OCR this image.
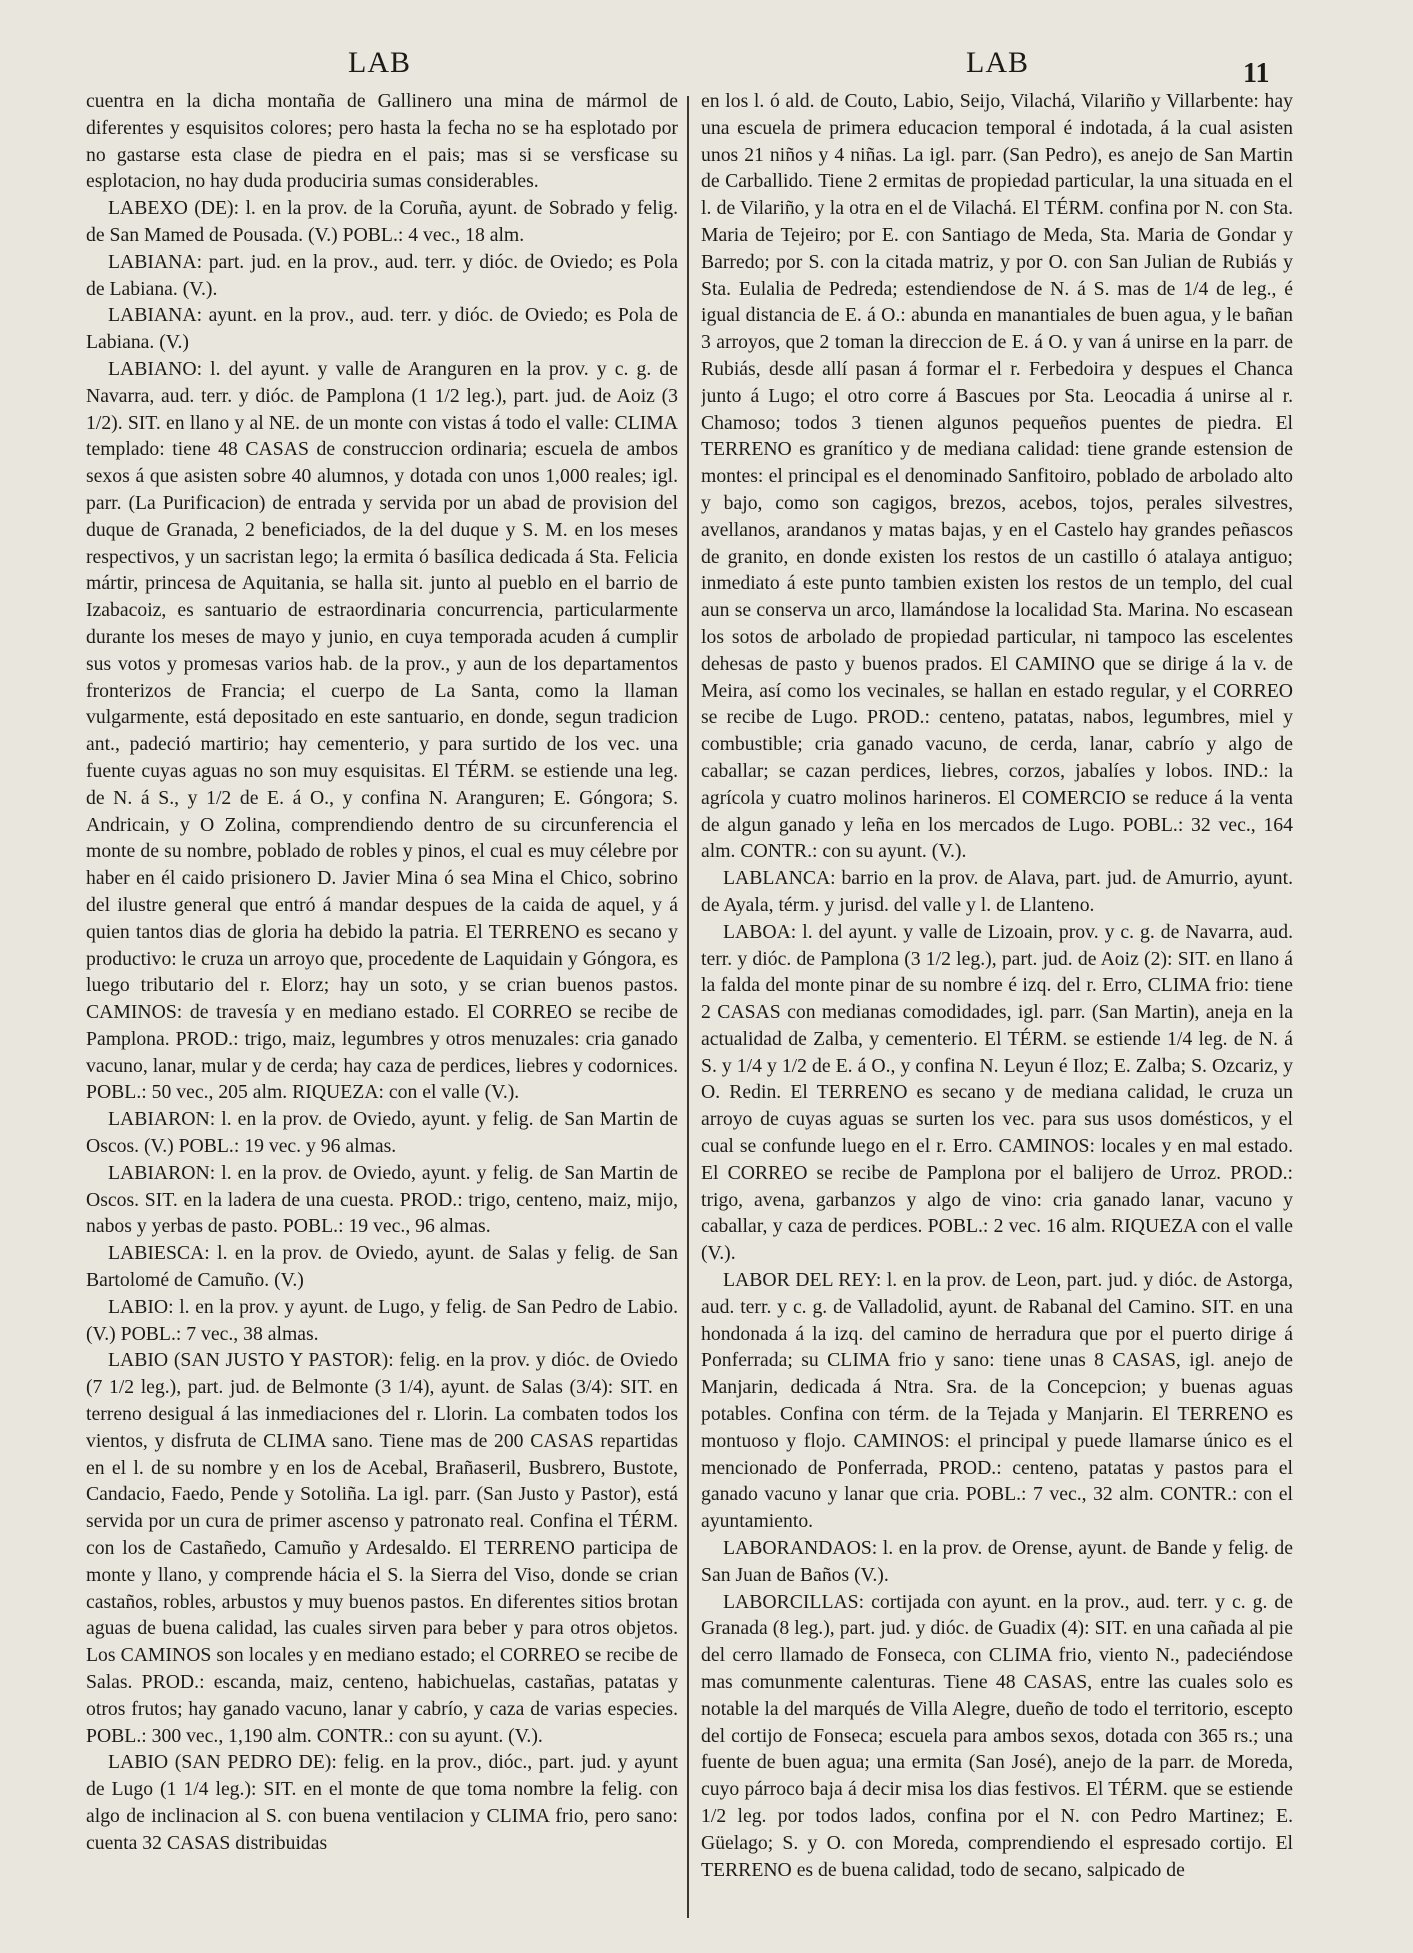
LAB	LAB	11

cuentra en la dicha montaña de Gallinero una mina de mármol de diferentes y esquisitos colores; pero hasta la fecha no se ha esplotado por no gastarse esta clase de piedra en el pais; mas si se versficase su esplotacion, no hay duda produciria sumas considerables.

LABEXO (DE): l. en la prov. de la Coruña, ayunt. de Sobrado y felig. de San Mamed de Pousada. (V.) POBL.: 4 vec., 18 alm.

LABIANA: part. jud. en la prov., aud. terr. y dióc. de Oviedo; es Pola de Labiana. (V.).

LABIANA: ayunt. en la prov., aud. terr. y dióc. de Oviedo; es Pola de Labiana. (V.)

LABIANO: l. del ayunt. y valle de Aranguren en la prov. y c. g. de Navarra, aud. terr. y dióc. de Pamplona (1 1/2 leg.), part. jud. de Aoiz (3 1/2). SIT. en llano y al NE. de un monte con vistas á todo el valle: CLIMA templado: tiene 48 CASAS de construccion ordinaria; escuela de ambos sexos á que asisten sobre 40 alumnos, y dotada con unos 1,000 reales; igl. parr. (La Purificacion) de entrada y servida por un abad de provision del duque de Granada, 2 beneficiados, de la del duque y S. M. en los meses respectivos, y un sacristan lego; la ermita ó basílica dedicada á Sta. Felicia mártir, princesa de Aquitania, se halla sit. junto al pueblo en el barrio de Izabacoiz, es santuario de estraordinaria concurrencia, particularmente durante los meses de mayo y junio, en cuya temporada acuden á cumplir sus votos y promesas varios hab. de la prov., y aun de los departamentos fronterizos de Francia; el cuerpo de La Santa, como la llaman vulgarmente, está depositado en este santuario, en donde, segun tradicion ant., padeció martirio; hay cementerio, y para surtido de los vec. una fuente cuyas aguas no son muy esquisitas. El TÉRM. se estiende una leg. de N. á S., y 1/2 de E. á O., y confina N. Aranguren; E. Góngora; S. Andricain, y O Zolina, comprendiendo dentro de su circunferencia el monte de su nombre, poblado de robles y pinos, el cual es muy célebre por haber en él caido prisionero D. Javier Mina ó sea Mina el Chico, sobrino del ilustre general que entró á mandar despues de la caida de aquel, y á quien tantos dias de gloria ha debido la patria. El TERRENO es secano y productivo: le cruza un arroyo que, procedente de Laquidain y Góngora, es luego tributario del r. Elorz; hay un soto, y se crian buenos pastos. CAMINOS: de travesía y en mediano estado. El CORREO se recibe de Pamplona. PROD.: trigo, maiz, legumbres y otros menuzales: cria ganado vacuno, lanar, mular y de cerda; hay caza de perdices, liebres y codornices. POBL.: 50 vec., 205 alm. RIQUEZA: con el valle (V.).

LABIARON: l. en la prov. de Oviedo, ayunt. y felig. de San Martin de Oscos. (V.) POBL.: 19 vec. y 96 almas.

LABIARON: l. en la prov. de Oviedo, ayunt. y felig. de San Martin de Oscos. SIT. en la ladera de una cuesta. PROD.: trigo, centeno, maiz, mijo, nabos y yerbas de pasto. POBL.: 19 vec., 96 almas.

LABIESCA: l. en la prov. de Oviedo, ayunt. de Salas y felig. de San Bartolomé de Camuño. (V.)

LABIO: l. en la prov. y ayunt. de Lugo, y felig. de San Pedro de Labio. (V.) POBL.: 7 vec., 38 almas.

LABIO (SAN JUSTO Y PASTOR): felig. en la prov. y dióc. de Oviedo (7 1/2 leg.), part. jud. de Belmonte (3 1/4), ayunt. de Salas (3/4): SIT. en terreno desigual á las inmediaciones del r. Llorin. La combaten todos los vientos, y disfruta de CLIMA sano. Tiene mas de 200 CASAS repartidas en el l. de su nombre y en los de Acebal, Brañaseril, Busbrero, Bustote, Candacio, Faedo, Pende y Sotoliña. La igl. parr. (San Justo y Pastor), está servida por un cura de primer ascenso y patronato real. Confina el TÉRM. con los de Castañedo, Camuño y Ardesaldo. El TERRENO participa de monte y llano, y comprende hácia el S. la Sierra del Viso, donde se crian castaños, robles, arbustos y muy buenos pastos. En diferentes sitios brotan aguas de buena calidad, las cuales sirven para beber y para otros objetos. Los CAMINOS son locales y en mediano estado; el CORREO se recibe de Salas. PROD.: escanda, maiz, centeno, habichuelas, castañas, patatas y otros frutos; hay ganado vacuno, lanar y cabrío, y caza de varias especies. POBL.: 300 vec., 1,190 alm. CONTR.: con su ayunt. (V.).

LABIO (SAN PEDRO DE): felig. en la prov., dióc., part. jud. y ayunt de Lugo (1 1/4 leg.): SIT. en el monte de que toma nombre la felig. con algo de inclinacion al S. con buena ventilacion y CLIMA frio, pero sano: cuenta 32 CASAS distribuidas

en los l. ó ald. de Couto, Labio, Seijo, Vilachá, Vilariño y Villarbente: hay una escuela de primera educacion temporal é indotada, á la cual asisten unos 21 niños y 4 niñas. La igl. parr. (San Pedro), es anejo de San Martin de Carballido. Tiene 2 ermitas de propiedad particular, la una situada en el l. de Vilariño, y la otra en el de Vilachá. El TÉRM. confina por N. con Sta. Maria de Tejeiro; por E. con Santiago de Meda, Sta. Maria de Gondar y Barredo; por S. con la citada matriz, y por O. con San Julian de Rubiás y Sta. Eulalia de Pedreda; estendiendose de N. á S. mas de 1/4 de leg., é igual distancia de E. á O.: abunda en manantiales de buen agua, y le bañan 3 arroyos, que 2 toman la direccion de E. á O. y van á unirse en la parr. de Rubiás, desde allí pasan á formar el r. Ferbedoira y despues el Chanca junto á Lugo; el otro corre á Bascues por Sta. Leocadia á unirse al r. Chamoso; todos 3 tienen algunos pequeños puentes de piedra. El TERRENO es granítico y de mediana calidad: tiene grande estension de montes: el principal es el denominado Sanfitoiro, poblado de arbolado alto y bajo, como son cagigos, brezos, acebos, tojos, perales silvestres, avellanos, arandanos y matas bajas, y en el Castelo hay grandes peñascos de granito, en donde existen los restos de un castillo ó atalaya antiguo; inmediato á este punto tambien existen los restos de un templo, del cual aun se conserva un arco, llamándose la localidad Sta. Marina. No escasean los sotos de arbolado de propiedad particular, ni tampoco las escelentes dehesas de pasto y buenos prados. El CAMINO que se dirige á la v. de Meira, así como los vecinales, se hallan en estado regular, y el CORREO se recibe de Lugo. PROD.: centeno, patatas, nabos, legumbres, miel y combustible; cria ganado vacuno, de cerda, lanar, cabrío y algo de caballar; se cazan perdices, liebres, corzos, jabalíes y lobos. IND.: la agrícola y cuatro molinos harineros. El COMERCIO se reduce á la venta de algun ganado y leña en los mercados de Lugo. POBL.: 32 vec., 164 alm. CONTR.: con su ayunt. (V.).

LABLANCA: barrio en la prov. de Alava, part. jud. de Amurrio, ayunt. de Ayala, térm. y jurisd. del valle y l. de Llanteno.

LABOA: l. del ayunt. y valle de Lizoain, prov. y c. g. de Navarra, aud. terr. y dióc. de Pamplona (3 1/2 leg.), part. jud. de Aoiz (2): SIT. en llano á la falda del monte pinar de su nombre é izq. del r. Erro, CLIMA frio: tiene 2 CASAS con medianas comodidades, igl. parr. (San Martin), aneja en la actualidad de Zalba, y cementerio. El TÉRM. se estiende 1/4 leg. de N. á S. y 1/4 y 1/2 de E. á O., y confina N. Leyun é Iloz; E. Zalba; S. Ozcariz, y O. Redin. El TERRENO es secano y de mediana calidad, le cruza un arroyo de cuyas aguas se surten los vec. para sus usos domésticos, y el cual se confunde luego en el r. Erro. CAMINOS: locales y en mal estado. El CORREO se recibe de Pamplona por el balijero de Urroz. PROD.: trigo, avena, garbanzos y algo de vino: cria ganado lanar, vacuno y caballar, y caza de perdices. POBL.: 2 vec. 16 alm. RIQUEZA con el valle (V.).

LABOR DEL REY: l. en la prov. de Leon, part. jud. y dióc. de Astorga, aud. terr. y c. g. de Valladolid, ayunt. de Rabanal del Camino. SIT. en una hondonada á la izq. del camino de herradura que por el puerto dirige á Ponferrada; su CLIMA frio y sano: tiene unas 8 CASAS, igl. anejo de Manjarin, dedicada á Ntra. Sra. de la Concepcion; y buenas aguas potables. Confina con térm. de la Tejada y Manjarin. El TERRENO es montuoso y flojo. CAMINOS: el principal y puede llamarse único es el mencionado de Ponferrada, PROD.: centeno, patatas y pastos para el ganado vacuno y lanar que cria. POBL.: 7 vec., 32 alm. CONTR.: con el ayuntamiento.

LABORANDAOS: l. en la prov. de Orense, ayunt. de Bande y felig. de San Juan de Baños (V.).

LABORCILLAS: cortijada con ayunt. en la prov., aud. terr. y c. g. de Granada (8 leg.), part. jud. y dióc. de Guadix (4): SIT. en una cañada al pie del cerro llamado de Fonseca, con CLIMA frio, viento N., padeciéndose mas comunmente calenturas. Tiene 48 CASAS, entre las cuales solo es notable la del marqués de Villa Alegre, dueño de todo el territorio, escepto del cortijo de Fonseca; escuela para ambos sexos, dotada con 365 rs.; una fuente de buen agua; una ermita (San José), anejo de la parr. de Moreda, cuyo párroco baja á decir misa los dias festivos. El TÉRM. que se estiende 1/2 leg. por todos lados, confina por el N. con Pedro Martinez; E. Güelago; S. y O. con Moreda, comprendiendo el espresado cortijo. El TERRENO es de buena calidad, todo de secano, salpicado de
